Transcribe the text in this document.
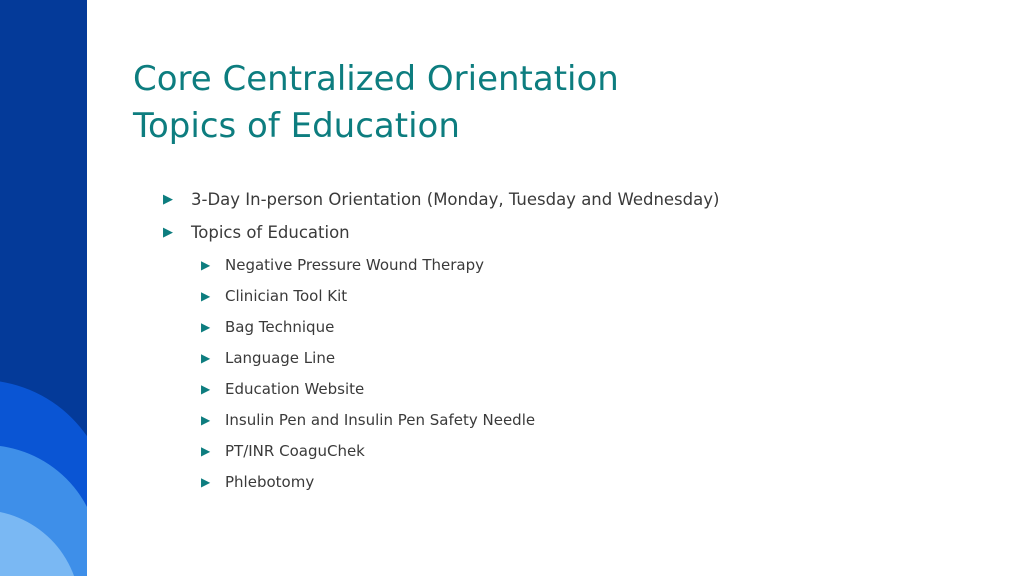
Core Centralized Orientation
Topics of Education
▶	3-Day In-person Orientation (Monday, Tuesday and Wednesday)
▶	Topics of Education
▶ Negative Pressure Wound Therapy
▶ Clinician Tool Kit
▶ Bag Technique
▶ Language Line
▶ Education Website
▶ Insulin Pen and Insulin Pen Safety Needle
▶ PT/INR CoaguChek
▶ Phlebotomy
